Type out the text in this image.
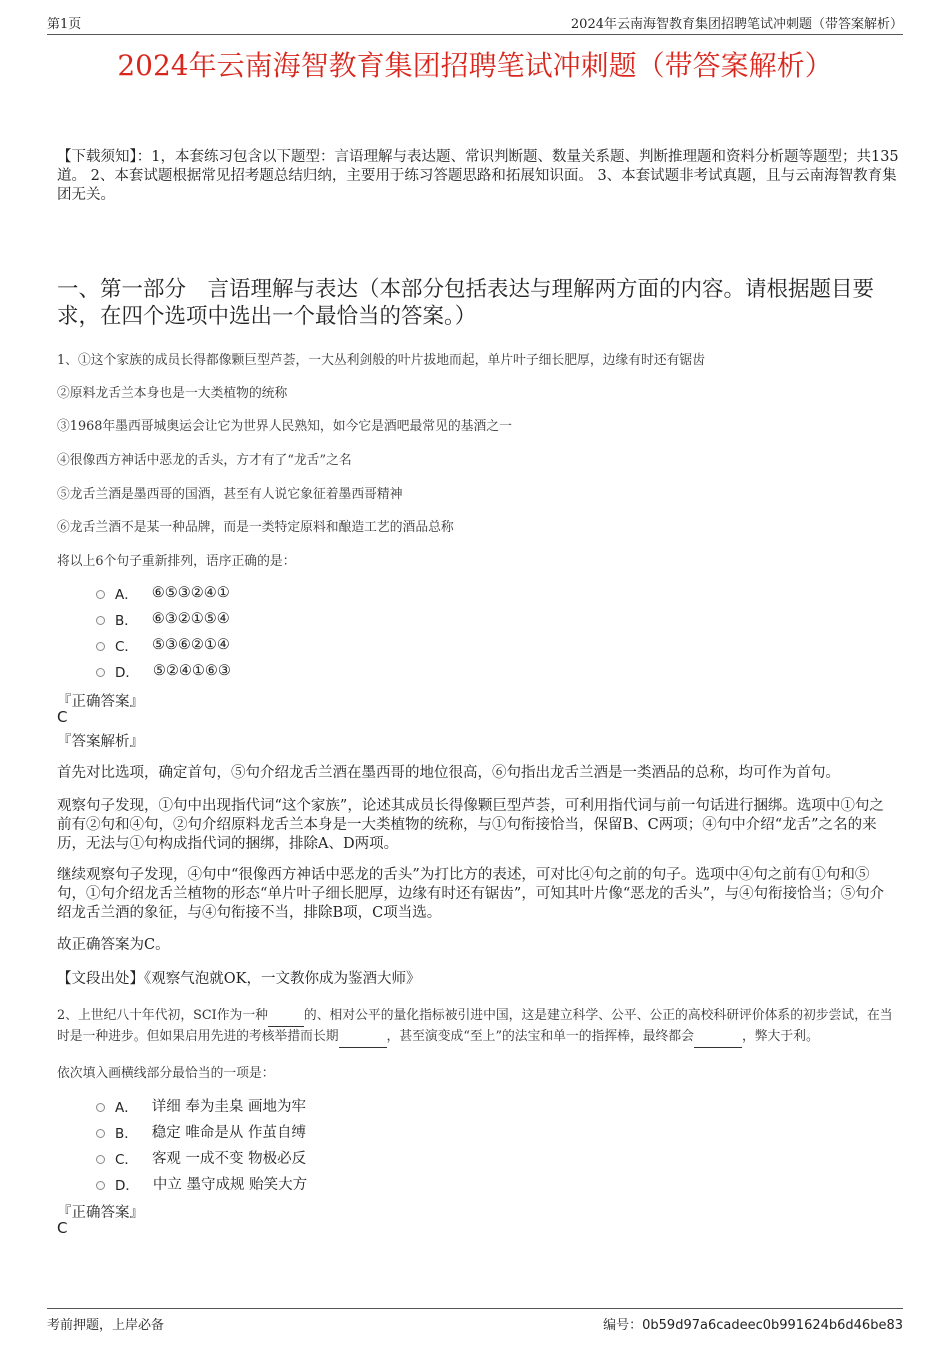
第1页	2024年云南海智教育集团招聘笔试冲刺题（带答案解析）
2024年云南海智教育集团招聘笔试冲刺题（带答案解析）
【下载须知】：1，本套练习包含以下题型：言语理解与表达题、常识判断题、数量关系题、判断推理题和资料分析题等题型；共135道。 2、本套试题根据常见招考题总结归纳，主要用于练习答题思路和拓展知识面。 3、本套试题非考试真题，且与云南海智教育集团无关。
一、第一部分　言语理解与表达（本部分包括表达与理解两方面的内容。请根据题目要求，在四个选项中选出一个最恰当的答案。）
1、①这个家族的成员长得都像颗巨型芦荟，一大丛利剑般的叶片拔地而起，单片叶子细长肥厚，边缘有时还有锯齿
②原料龙舌兰本身也是一大类植物的统称
③1968年墨西哥城奥运会让它为世界人民熟知，如今它是酒吧最常见的基酒之一
④很像西方神话中恶龙的舌头，方才有了“龙舌”之名
⑤龙舌兰酒是墨西哥的国酒，甚至有人说它象征着墨西哥精神
⑥龙舌兰酒不是某一种品牌，而是一类特定原料和酿造工艺的酒品总称
将以上6个句子重新排列，语序正确的是：
A． ⑥⑤③②④①
B． ⑥③②①⑤④
C． ⑤③⑥②①④
D． ⑤②④①⑥③
『正确答案』
C
『答案解析』
首先对比选项，确定首句，⑤句介绍龙舌兰酒在墨西哥的地位很高，⑥句指出龙舌兰酒是一类酒品的总称，均可作为首句。
观察句子发现，①句中出现指代词“这个家族”，论述其成员长得像颗巨型芦荟，可利用指代词与前一句话进行捆绑。选项中①句之前有②句和④句，②句介绍原料龙舌兰本身是一大类植物的统称，与①句衔接恰当，保留B、C两项；④句中介绍“龙舌”之名的来历，无法与①句构成指代词的捆绑，排除A、D两项。
继续观察句子发现，④句中“很像西方神话中恶龙的舌头”为打比方的表述，可对比④句之前的句子。选项中④句之前有①句和⑤句，①句介绍龙舌兰植物的形态“单片叶子细长肥厚，边缘有时还有锯齿”，可知其叶片像“恶龙的舌头”，与④句衔接恰当；⑤句介绍龙舌兰酒的象征，与④句衔接不当，排除B项，C项当选。
故正确答案为C。
【文段出处】《观察气泡就OK，一文教你成为鉴酒大师》
2、上世纪八十年代初，SCI作为一种	的、相对公平的量化指标被引进中国，这是建立科学、公平、公正的高校科研评价体系的初步尝试，在当时是一种进步。但如果启用先进的考核举措而长期	，甚至演变成“至上”的法宝和单一的指挥棒，最终都会	，弊大于利。
依次填入画横线部分最恰当的一项是：
A． 详细 奉为圭臬 画地为牢
B． 稳定 唯命是从 作茧自缚
C． 客观 一成不变 物极必反
D． 中立 墨守成规 贻笑大方
『正确答案』
C
考前押题，上岸必备	编号：0b59d97a6cadeec0b991624b6d46be83
